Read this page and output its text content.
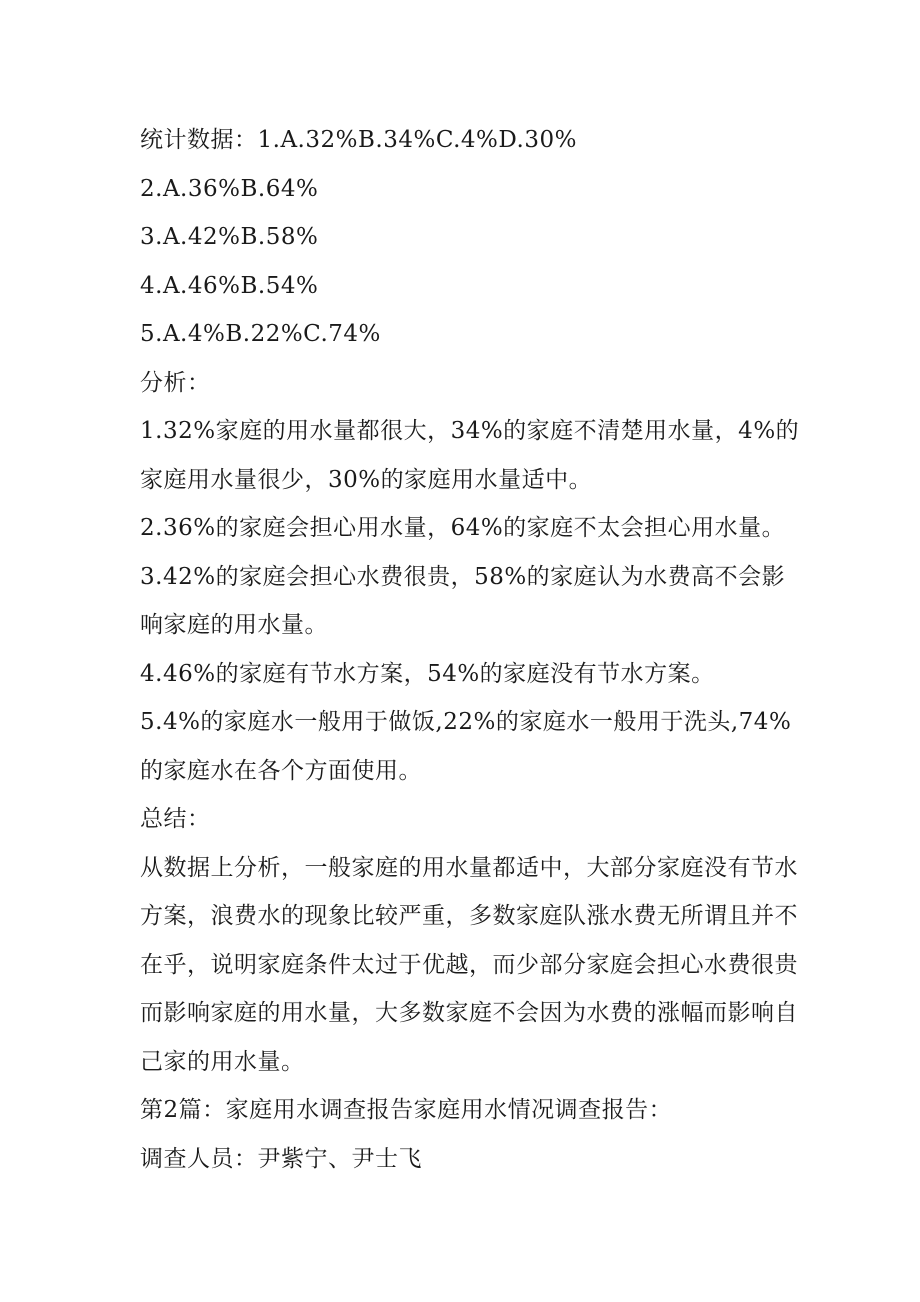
统计数据：1.A.32%B.34%C.4%D.30%

2.A.36%B.64%

3.A.42%B.58%

4.A.46%B.54%

5.A.4%B.22%C.74%

分析：

1.32%家庭的用水量都很大，34%的家庭不清楚用水量，4%的家庭用水量很少，30%的家庭用水量适中。

2.36%的家庭会担心用水量，64%的家庭不太会担心用水量。

3.42%的家庭会担心水费很贵，58%的家庭认为水费高不会影响家庭的用水量。

4.46%的家庭有节水方案，54%的家庭没有节水方案。

5.4%的家庭水一般用于做饭,22%的家庭水一般用于洗头,74%的家庭水在各个方面使用。

总结：

从数据上分析，一般家庭的用水量都适中，大部分家庭没有节水方案，浪费水的现象比较严重，多数家庭队涨水费无所谓且并不在乎，说明家庭条件太过于优越，而少部分家庭会担心水费很贵而影响家庭的用水量，大多数家庭不会因为水费的涨幅而影响自己家的用水量。

第2篇：家庭用水调查报告家庭用水情况调查报告：

调查人员：尹紫宁、尹士飞
